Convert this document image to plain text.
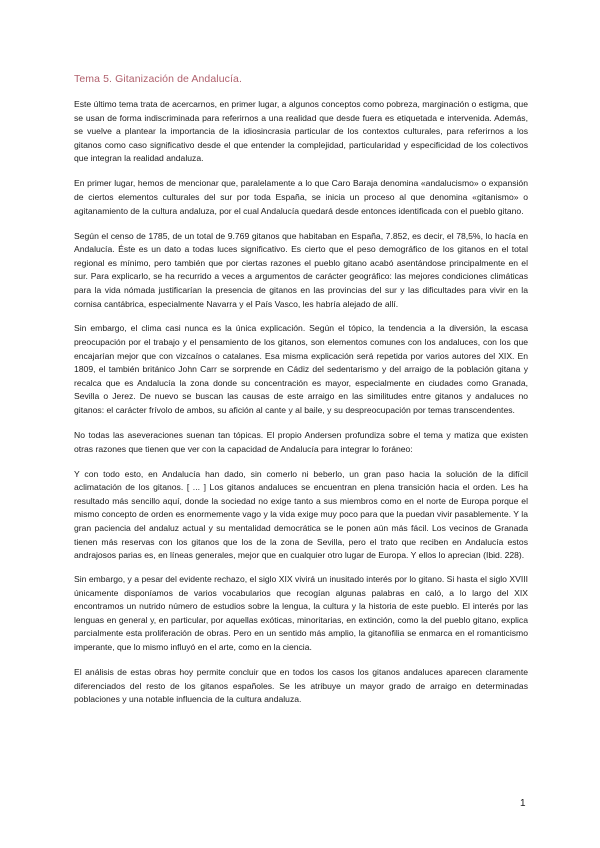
Tema 5. Gitanización de Andalucía.

Este último tema trata de acercarnos, en primer lugar, a algunos conceptos como pobreza, marginación o estigma, que se usan de forma indiscriminada para referirnos a una realidad que desde fuera es etiquetada e intervenida. Además, se vuelve a plantear la importancia de la idiosincrasia particular de los contextos culturales, para referirnos a los gitanos como caso significativo desde el que entender la complejidad, particularidad y especificidad de los colectivos que integran la realidad andaluza.

En primer lugar, hemos de mencionar que, paralelamente a lo que Caro Baraja denomina «andalucismo» o expansión de ciertos elementos culturales del sur por toda España, se inicia un proceso al que denomina «gitanismo» o agitanamiento de la cultura andaluza, por el cual Andalucía quedará desde entonces identificada con el pueblo gitano.

Según el censo de 1785, de un total de 9.769 gitanos que habitaban en España, 7.852, es decir, el 78,5%, lo hacía en Andalucía. Éste es un dato a todas luces significativo. Es cierto que el peso demográfico de los gitanos en el total regional es mínimo, pero también que por ciertas razones el pueblo gitano acabó asentándose principalmente en el sur. Para explicarlo, se ha recurrido a veces a argumentos de carácter geográfico: las mejores condiciones climáticas para la vida nómada justificarían la presencia de gitanos en las provincias del sur y las dificultades para vivir en la cornisa cantábrica, especialmente Navarra y el País Vasco, les habría alejado de allí.

Sin embargo, el clima casi nunca es la única explicación. Según el tópico, la tendencia a la diversión, la escasa preocupación por el trabajo y el pensamiento de los gitanos, son elementos comunes con los andaluces, con los que encajarían mejor que con vizcaínos o catalanes. Esa misma explicación será repetida por varios autores del XIX. En 1809, el también británico John Carr se sorprende en Cádiz del sedentarismo y del arraigo de la población gitana y recalca que es Andalucía la zona donde su concentración es mayor, especialmente en ciudades como Granada, Sevilla o Jerez. De nuevo se buscan las causas de este arraigo en las similitudes entre gitanos y andaluces no gitanos: el carácter frívolo de ambos, su afición al cante y al baile, y su despreocupación por temas transcendentes.

No todas las aseveraciones suenan tan tópicas. El propio Andersen profundiza sobre el tema y matiza que existen otras razones que tienen que ver con la capacidad de Andalucía para integrar lo foráneo:

Y con todo esto, en Andalucía han dado, sin comerlo ni beberlo, un gran paso hacia la solución de la difícil aclimatación de los gitanos. [ ... ] Los gitanos andaluces se encuentran en plena transición hacia el orden. Les ha resultado más sencillo aquí, donde la sociedad no exige tanto a sus miembros como en el norte de Europa porque el mismo concepto de orden es enormemente vago y la vida exige muy poco para que la puedan vivir pasablemente. Y la gran paciencia del andaluz actual y su mentalidad democrática se le ponen aún más fácil. Los vecinos de Granada tienen más reservas con los gitanos que los de la zona de Sevilla, pero el trato que reciben en Andalucía estos andrajosos parias es, en líneas generales, mejor que en cualquier otro lugar de Europa. Y ellos lo aprecian (Ibid. 228).

Sin embargo, y a pesar del evidente rechazo, el siglo XIX vivirá un inusitado interés por lo gitano. Si hasta el siglo XVIII únicamente disponíamos de varios vocabularios que recogían algunas palabras en caló, a lo largo del XIX encontramos un nutrido número de estudios sobre la lengua, la cultura y la historia de este pueblo. El interés por las lenguas en general y, en particular, por aquellas exóticas, minoritarias, en extinción, como la del pueblo gitano, explica parcialmente esta proliferación de obras. Pero en un sentido más amplio, la gitanofilia se enmarca en el romanticismo imperante, que lo mismo influyó en el arte, como en la ciencia.

El análisis de estas obras hoy permite concluir que en todos los casos los gitanos andaluces aparecen claramente diferenciados del resto de los gitanos españoles. Se les atribuye un mayor grado de arraigo en determinadas poblaciones y una notable influencia de la cultura andaluza.

1
